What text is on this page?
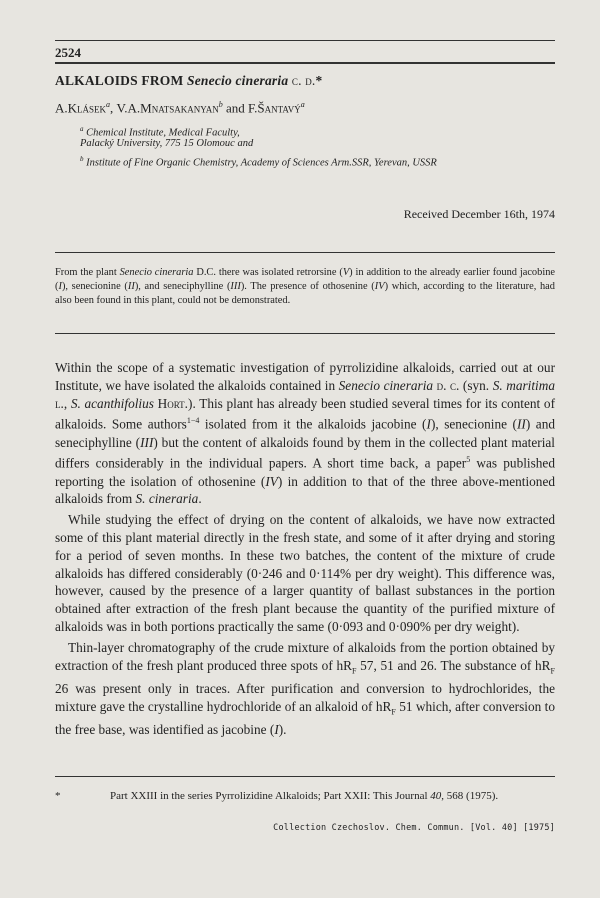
2524
ALKALOIDS FROM Senecio cineraria c. d.*
A.Klásek$^a$, V.A.Mnatsakanyan$^b$ and F.Šantavý$^a$
$^a$ Chemical Institute, Medical Faculty,
Palacký University, 775 15 Olomouc and
$^b$ Institute of Fine Organic Chemistry, Academy of Sciences Arm.SSR, Yerevan, USSR
Received December 16th, 1974

From the plant Senecio cineraria D.C. there was isolated retrorsine (V) in addition to the already earlier found jacobine (I), senecionine (II), and seneciphylline (III). The presence of othosenine (IV) which, according to the literature, had also been found in this plant, could not be demonstrated.

Within the scope of a systematic investigation of pyrrolizidine alkaloids, carried out at our Institute, we have isolated the alkaloids contained in Senecio cineraria d. c. (syn. S. maritima l., S. acanthifolius Hort.). This plant has already been studied several times for its content of alkaloids. Some authors$^{1-4}$ isolated from it the alkaloids jacobine (I), senecionine (II) and seneciphylline (III) but the content of alkaloids found by them in the collected plant material differs considerably in the individual papers. A short time back, a paper$^5$ was published reporting the isolation of othosenine (IV) in addition to that of the three above-mentioned alkaloids from S. cineraria.

While studying the effect of drying on the content of alkaloids, we have now extracted some of this plant material directly in the fresh state, and some of it after drying and storing for a period of seven months. In these two batches, the content of the mixture of crude alkaloids has differed considerably (0·246 and 0·114% per dry weight). This difference was, however, caused by the presence of a larger quantity of ballast substances in the portion obtained after extraction of the fresh plant because the quantity of the purified mixture of alkaloids was in both portions practically the same (0·093 and 0·090% per dry weight).

Thin-layer chromatography of the crude mixture of alkaloids from the portion obtained by extraction of the fresh plant produced three spots of $hR_F$ 57, 51 and 26. The substance of $hR_F$ 26 was present only in traces. After purification and conversion to hydrochlorides, the mixture gave the crystalline hydrochloride of an alkaloid of $hR_F$ 51 which, after conversion to the free base, was identified as jacobine (I).

*	Part XXIII in the series Pyrrolizidine Alkaloids; Part XXII: This Journal 40, 568 (1975).
Collection Czechoslov. Chem. Commun. [Vol. 40] [1975]
